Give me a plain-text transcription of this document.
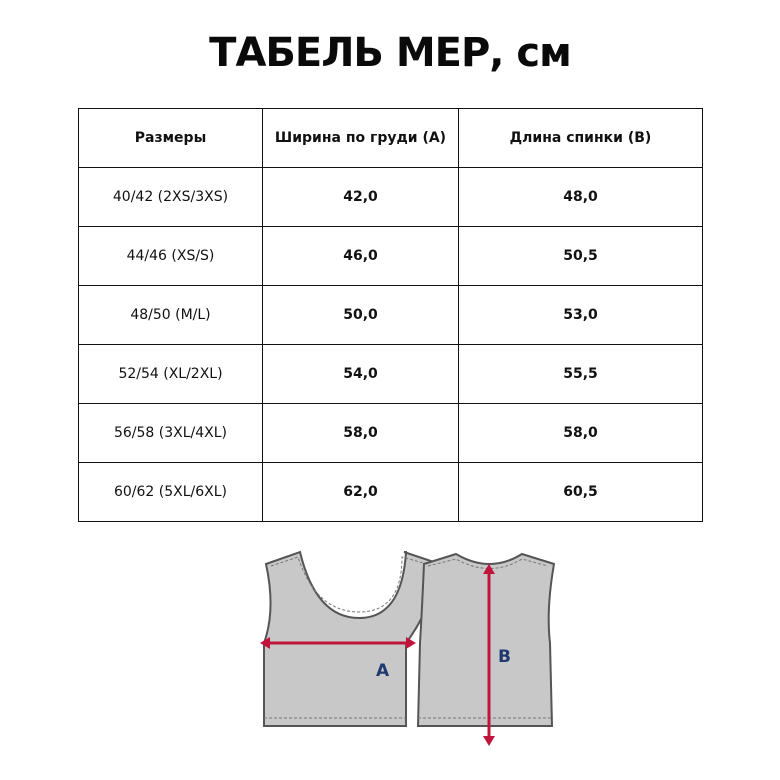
ТАБЕЛЬ МЕР, см
Размеры	Ширина по груди (A)	Длина спинки (B)
40/42 (2XS/3XS)	42,0	48,0
44/46 (XS/S)	46,0	50,5
48/50 (M/L)	50,0	53,0
52/54 (XL/2XL)	54,0	55,5
56/58 (3XL/4XL)	58,0	58,0
60/62 (5XL/6XL)	62,0	60,5
A
B
